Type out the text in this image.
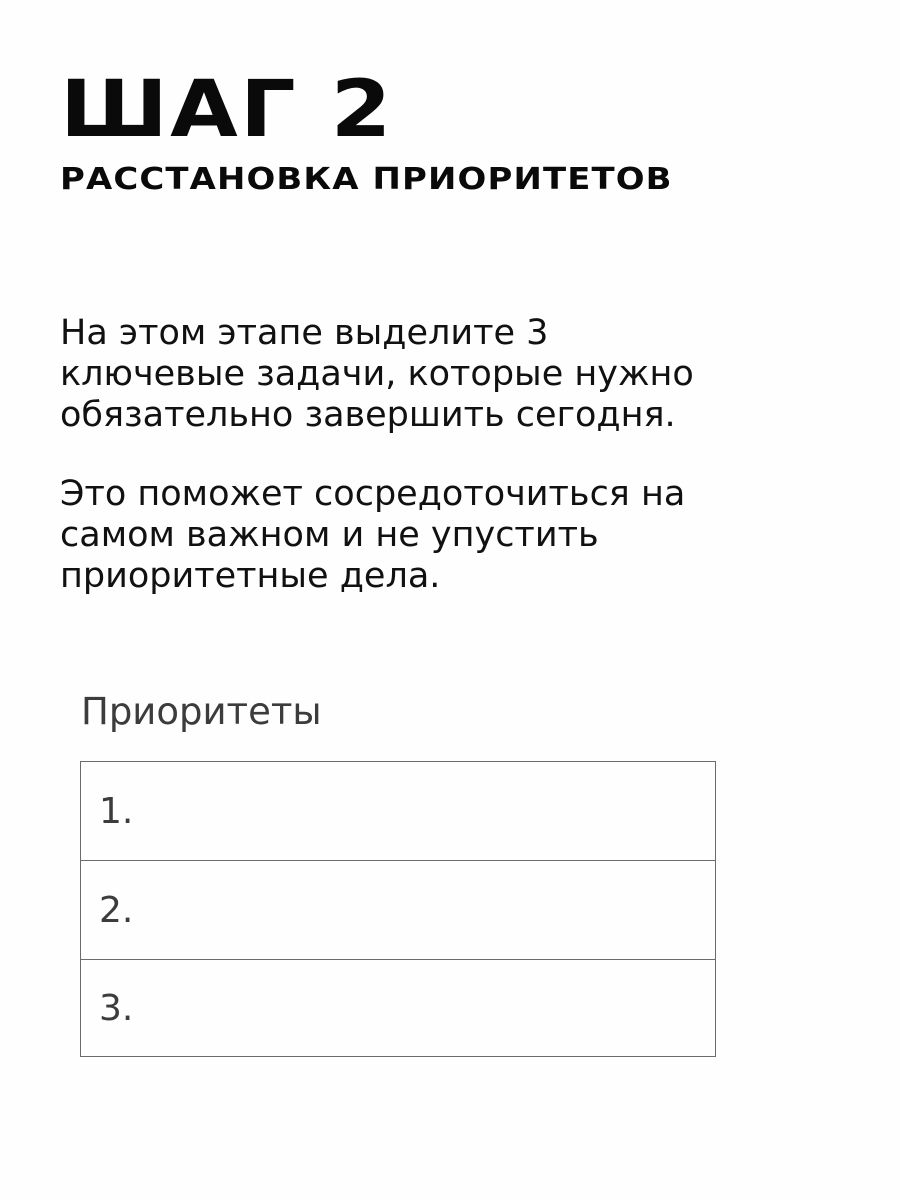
ШАГ 2
РАССТАНОВКА ПРИОРИТЕТОВ

На этом этапе выделите 3
ключевые задачи, которые нужно
обязательно завершить сегодня.

Это поможет сосредоточиться на
самом важном и не упустить
приоритетные дела.

Приоритеты
1.
2.
3.
